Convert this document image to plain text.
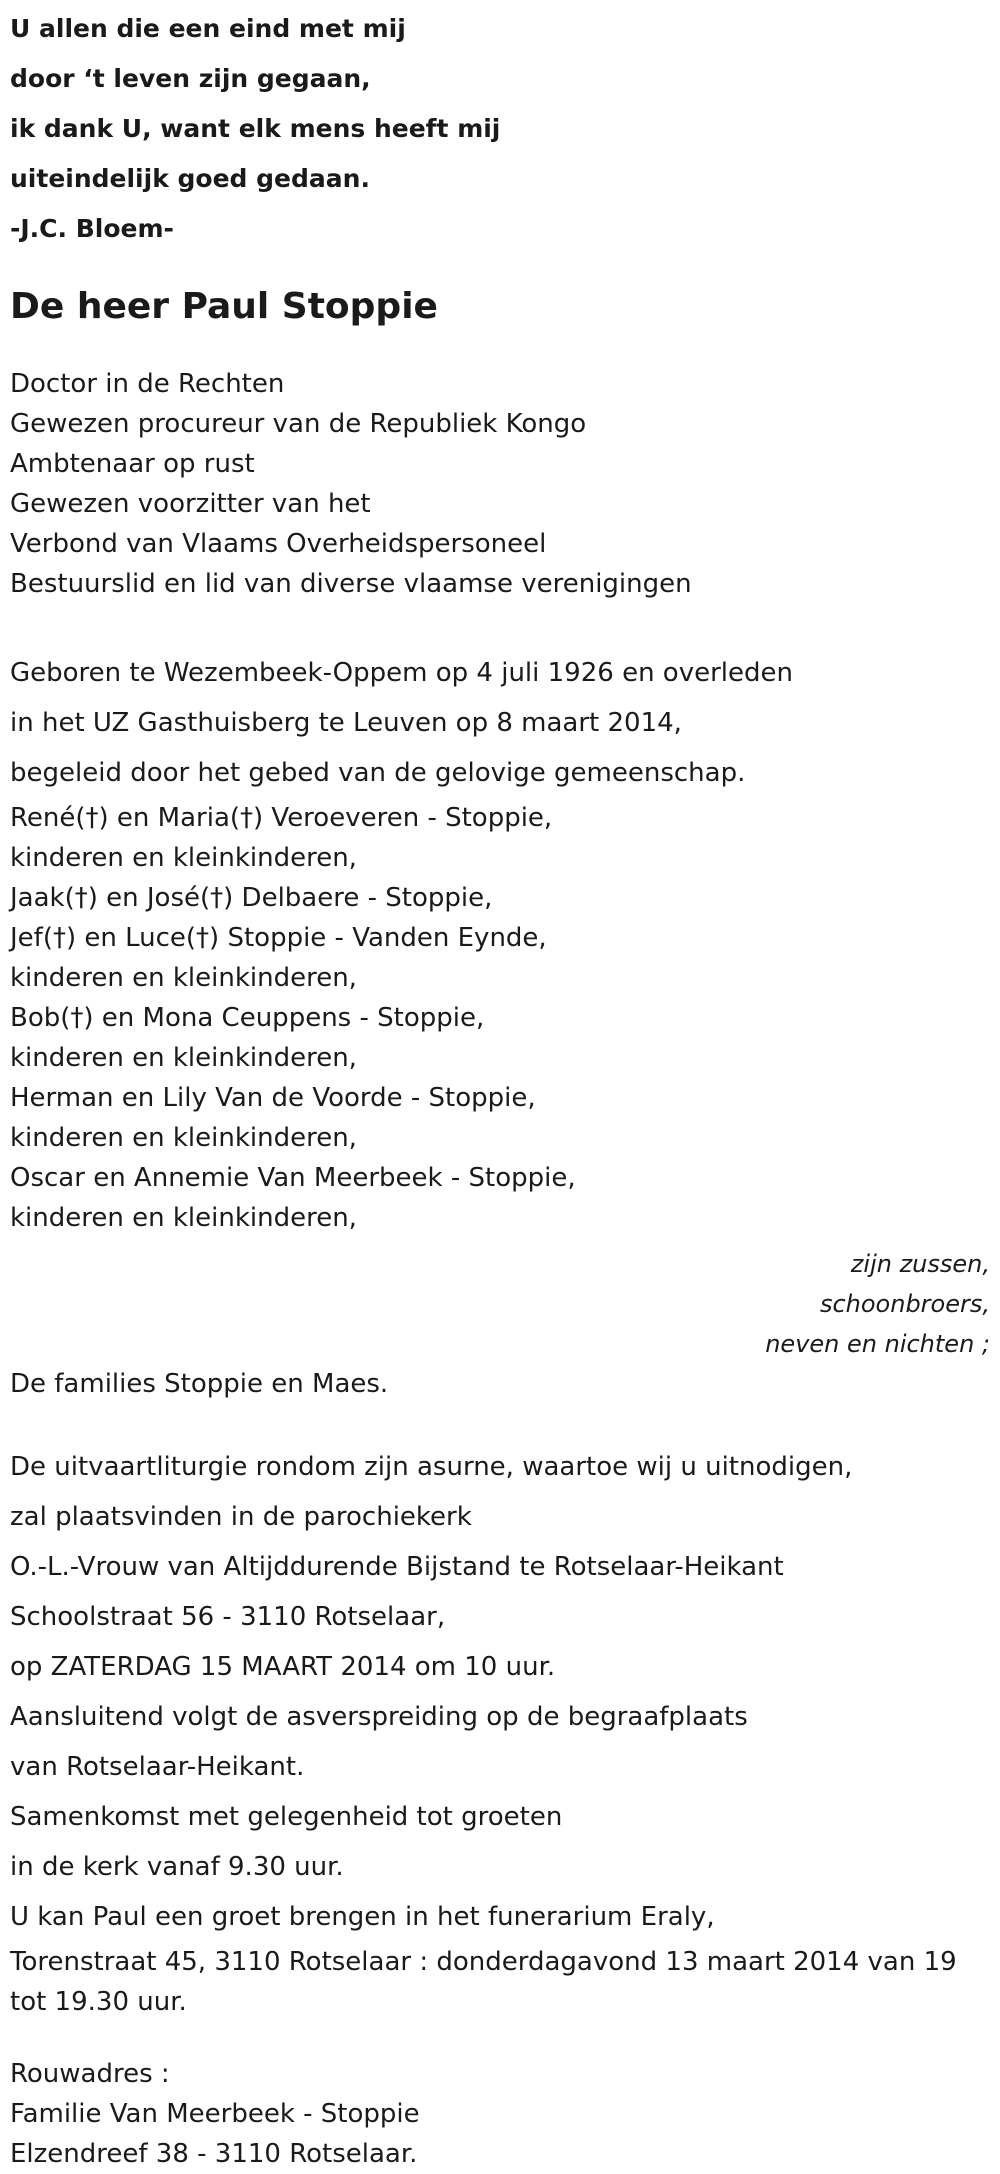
U allen die een eind met mij
door ‘t leven zijn gegaan,
ik dank U, want elk mens heeft mij
uiteindelijk goed gedaan.
-J.C. Bloem-
De heer Paul Stoppie
Doctor in de Rechten
Gewezen procureur van de Republiek Kongo
Ambtenaar op rust
Gewezen voorzitter van het
Verbond van Vlaams Overheidspersoneel
Bestuurslid en lid van diverse vlaamse verenigingen
Geboren te Wezembeek-Oppem op 4 juli 1926 en overleden
in het UZ Gasthuisberg te Leuven op 8 maart 2014,
begeleid door het gebed van de gelovige gemeenschap.
René(†) en Maria(†) Veroeveren - Stoppie,
kinderen en kleinkinderen,
Jaak(†) en José(†) Delbaere - Stoppie,
Jef(†) en Luce(†) Stoppie - Vanden Eynde,
kinderen en kleinkinderen,
Bob(†) en Mona Ceuppens - Stoppie,
kinderen en kleinkinderen,
Herman en Lily Van de Voorde - Stoppie,
kinderen en kleinkinderen,
Oscar en Annemie Van Meerbeek - Stoppie,
kinderen en kleinkinderen,
zijn zussen,
schoonbroers,
neven en nichten ;
De families Stoppie en Maes.
De uitvaartliturgie rondom zijn asurne, waartoe wij u uitnodigen,
zal plaatsvinden in de parochiekerk
O.-L.-Vrouw van Altijddurende Bijstand te Rotselaar-Heikant
Schoolstraat 56 - 3110 Rotselaar,
op ZATERDAG 15 MAART 2014 om 10 uur.
Aansluitend volgt de asverspreiding op de begraafplaats
van Rotselaar-Heikant.
Samenkomst met gelegenheid tot groeten
in de kerk vanaf 9.30 uur.
U kan Paul een groet brengen in het funerarium Eraly,
Torenstraat 45, 3110 Rotselaar : donderdagavond 13 maart 2014 van 19
tot 19.30 uur.
Rouwadres :
Familie Van Meerbeek - Stoppie
Elzendreef 38 - 3110 Rotselaar.
